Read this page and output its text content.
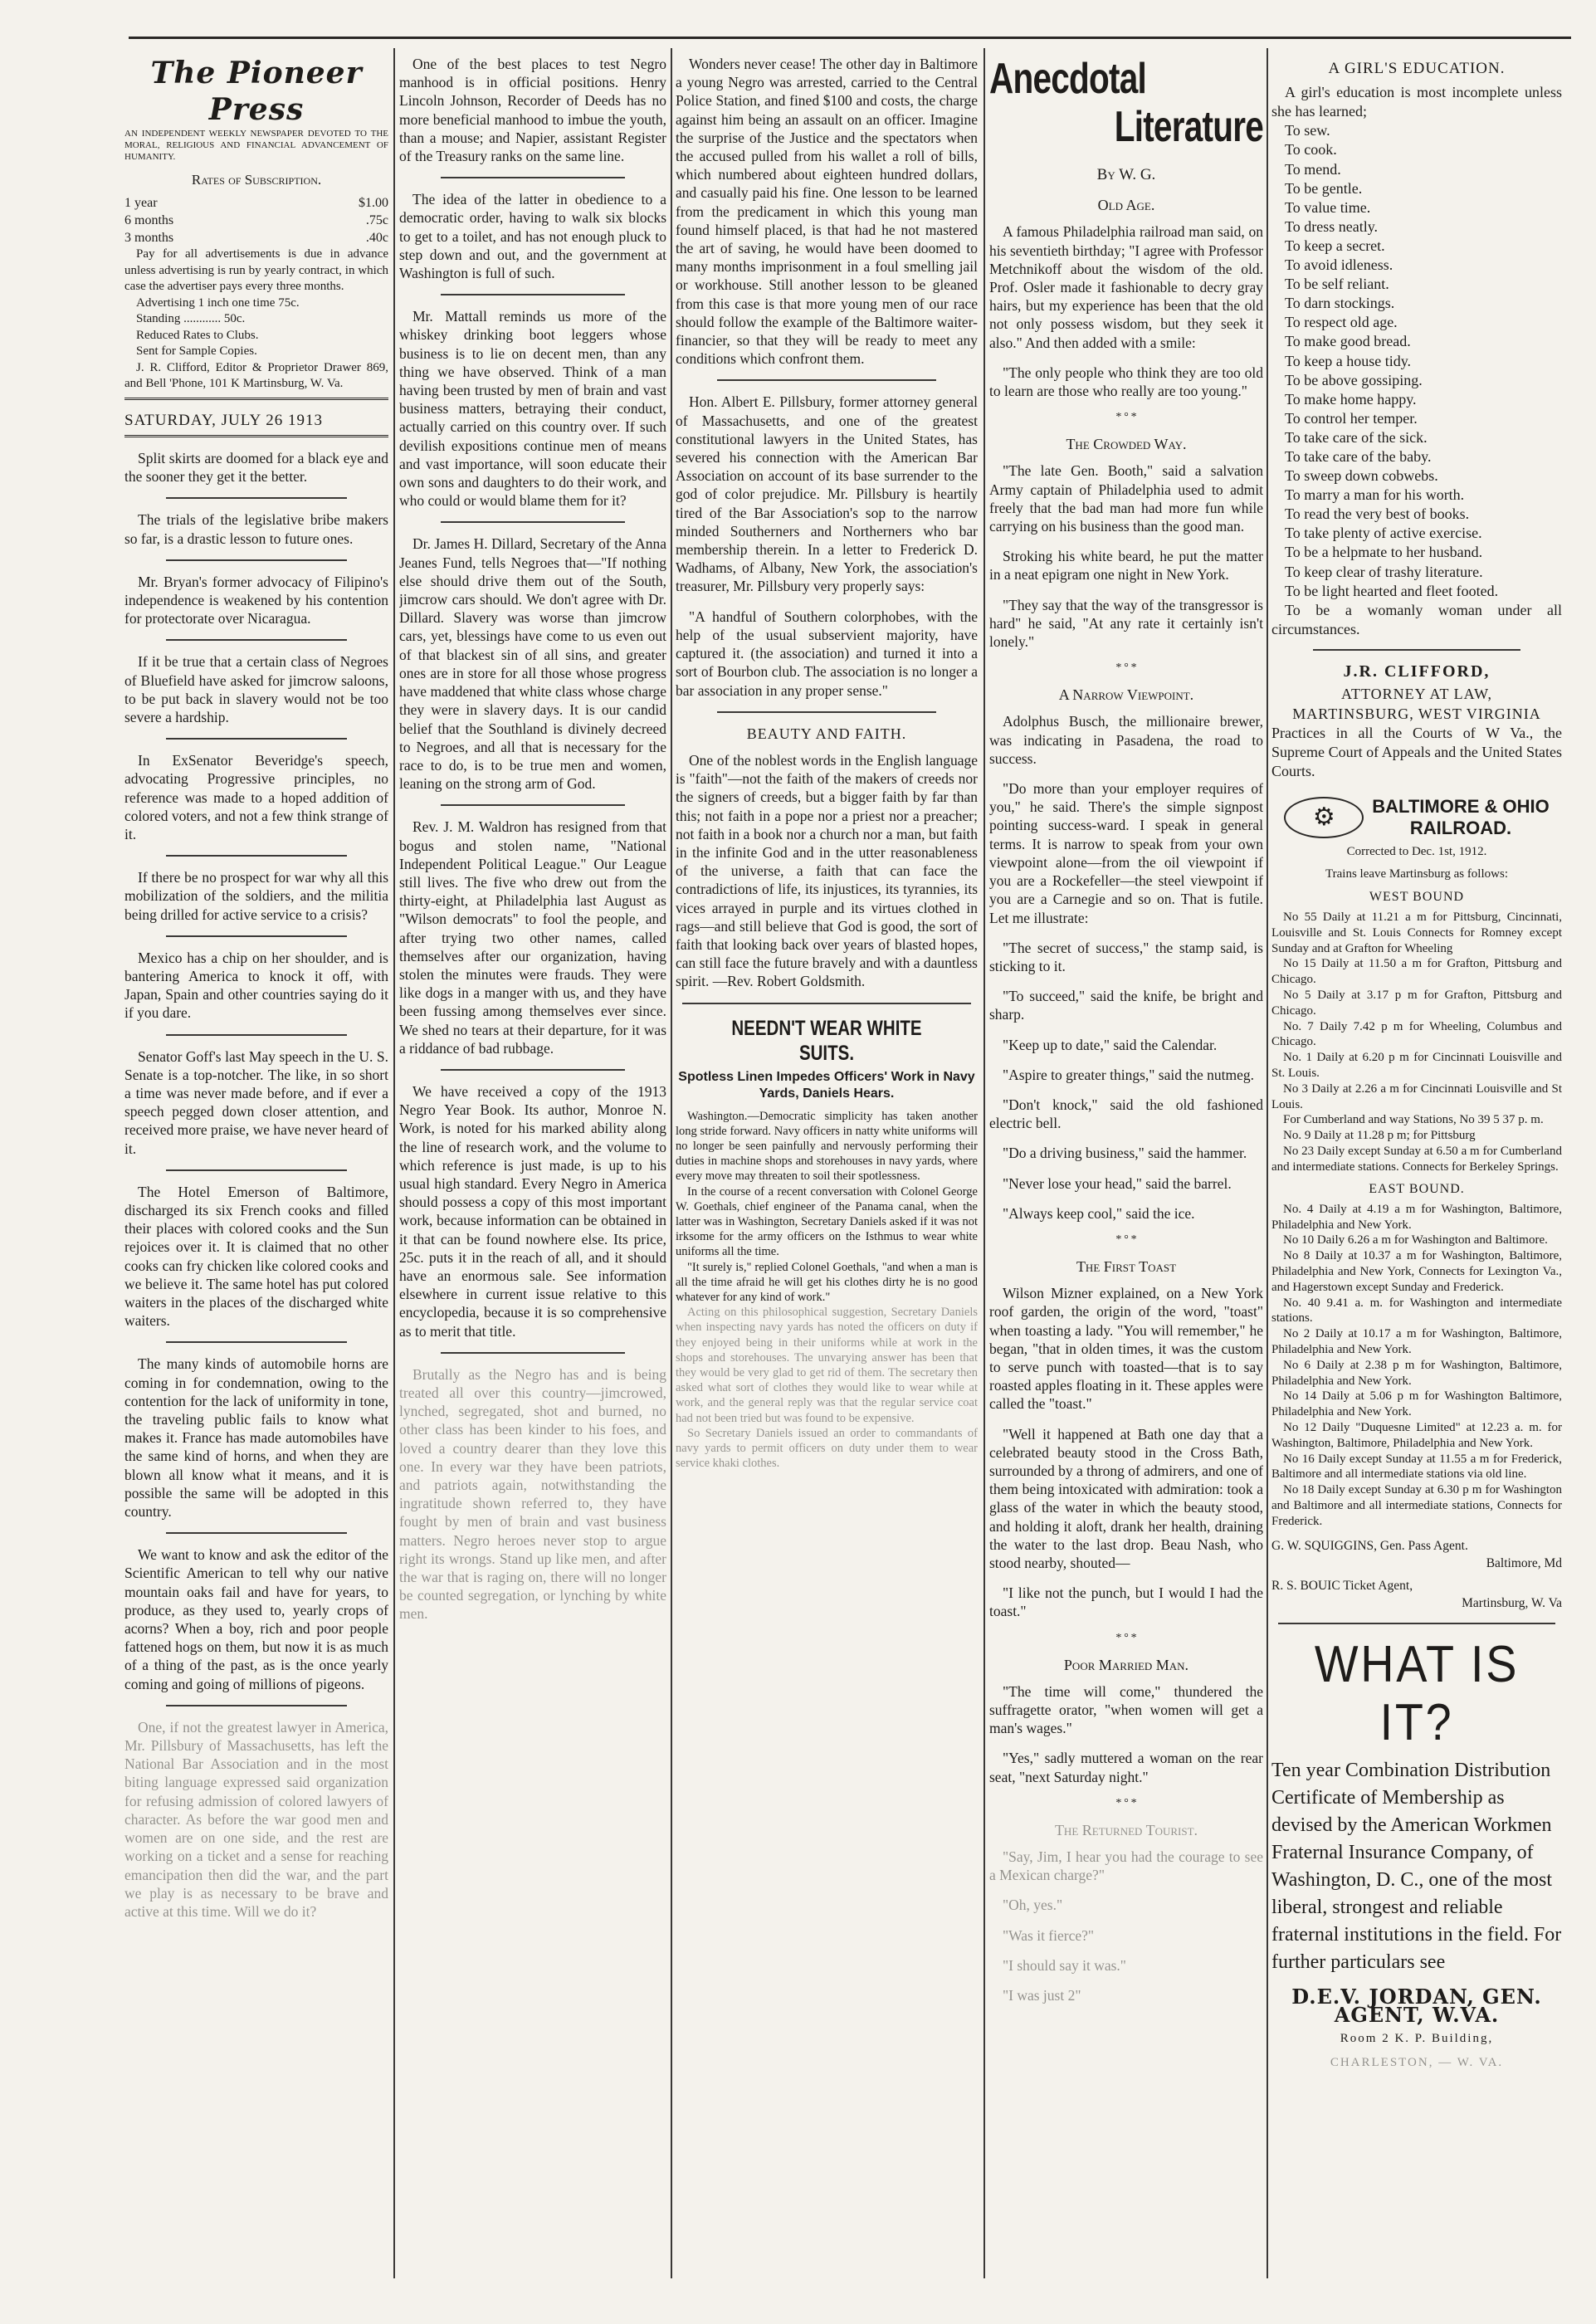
The Pioneer Press
AN INDEPENDENT WEEKLY NEWSPAPER DEVOTED TO THE MORAL, RELIGIOUS AND FINANCIAL ADVANCEMENT OF HUMANITY.
Rates of Subscription.
1 year	$1.00
6 months	.75c
3 months	.40c

Pay for all advertisements is due in advance unless advertising is run by yearly contract, in which case the advertiser pays every three months.

Advertising 1 inch one time 75c.

Standing ............ 50c.

Reduced Rates to Clubs.

Sent for Sample Copies.

J. R. Clifford, Editor & Proprietor Drawer 869, and Bell 'Phone, 101 K Martinsburg, W. Va.

SATURDAY, JULY 26 1913

Split skirts are doomed for a black eye and the sooner they get it the better.

The trials of the legislative bribe makers so far, is a drastic lesson to future ones.

Mr. Bryan's former advocacy of Filipino's independence is weakened by his contention for protectorate over Nicaragua.

If it be true that a certain class of Negroes of Bluefield have asked for jimcrow saloons, to be put back in slavery would not be too severe a hardship.

In ExSenator Beveridge's speech, advocating Progressive principles, no reference was made to a hoped addition of colored voters, and not a few think strange of it.

If there be no prospect for war why all this mobilization of the soldiers, and the militia being drilled for active service to a crisis?

Mexico has a chip on her shoulder, and is bantering America to knock it off, with Japan, Spain and other countries saying do it if you dare.

Senator Goff's last May speech in the U. S. Senate is a top-notcher. The like, in so short a time was never made before, and if ever a speech pegged down closer attention, and received more praise, we have never heard of it.

The Hotel Emerson of Baltimore, discharged its six French cooks and filled their places with colored cooks and the Sun rejoices over it. It is claimed that no other cooks can fry chicken like colored cooks and we believe it. The same hotel has put colored waiters in the places of the discharged white waiters.

The many kinds of automobile horns are coming in for condemnation, owing to the contention for the lack of uniformity in tone, the traveling public fails to know what makes it. France has made automobiles have the same kind of horns, and when they are blown all know what it means, and it is possible the same will be adopted in this country.

We want to know and ask the editor of the Scientific American to tell why our native mountain oaks fail and have for years, to produce, as they used to, yearly crops of acorns? When a boy, rich and poor people fattened hogs on them, but now it is as much of a thing of the past, as is the once yearly coming and going of millions of pigeons.

One, if not the greatest lawyer in America, Mr. Pillsbury of Massachusetts, has left the National Bar Association and in the most biting language expressed said organization for refusing admission of colored lawyers of character. As before the war good men and women are on one side, and the rest are working on a ticket and a sense for reaching emancipation then did the war, and the part we play is as necessary to be brave and active at this time. Will we do it?

One of the best places to test Negro manhood is in official positions. Henry Lincoln Johnson, Recorder of Deeds has no more beneficial manhood to imbue the youth, than a mouse; and Napier, assistant Register of the Treasury ranks on the same line.

The idea of the latter in obedience to a democratic order, having to walk six blocks to get to a toilet, and has not enough pluck to step down and out, and the government at Washington is full of such.

Mr. Mattall reminds us more of the whiskey drinking boot leggers whose business is to lie on decent men, than any thing we have observed. Think of a man having been trusted by men of brain and vast business matters, betraying their conduct, actually carried on this country over. If such devilish expositions continue men of means and vast importance, will soon educate their own sons and daughters to do their work, and who could or would blame them for it?

Dr. James H. Dillard, Secretary of the Anna Jeanes Fund, tells Negroes that—"If nothing else should drive them out of the South, jimcrow cars should. We don't agree with Dr. Dillard. Slavery was worse than jimcrow cars, yet, blessings have come to us even out of that blackest sin of all sins, and greater ones are in store for all those whose progress have maddened that white class whose charge they were in slavery days. It is our candid belief that the Southland is divinely decreed to Negroes, and all that is necessary for the race to do, is to be true men and women, leaning on the strong arm of God.

Rev. J. M. Waldron has resigned from that bogus and stolen name, "National Independent Political League." Our League still lives. The five who drew out from the thirty-eight, at Philadelphia last August as "Wilson democrats" to fool the people, and after trying two other names, called themselves after our organization, having stolen the minutes were frauds. They were like dogs in a manger with us, and they have been fussing among themselves ever since. We shed no tears at their departure, for it was a riddance of bad rubbage.

We have received a copy of the 1913 Negro Year Book. Its author, Monroe N. Work, is noted for his marked ability along the line of research work, and the volume to which reference is just made, is up to his usual high standard. Every Negro in America should possess a copy of this most important work, because information can be obtained in it that can be found nowhere else. Its price, 25c. puts it in the reach of all, and it should have an enormous sale. See information elsewhere in current issue relative to this encyclopedia, because it is so comprehensive as to merit that title.

Brutally as the Negro has and is being treated all over this country—jimcrowed, lynched, segregated, shot and burned, no other class has been kinder to his foes, and loved a country dearer than they love this one. In every war they have been patriots, and patriots again, notwithstanding the ingratitude shown referred to, they have fought by men of brain and vast business matters. Negro heroes never stop to argue right its wrongs. Stand up like men, and after the war that is raging on, there will no longer be counted segregation, or lynching by white men.

Wonders never cease! The other day in Baltimore a young Negro was arrested, carried to the Central Police Station, and fined $100 and costs, the charge against him being an assault on an officer. Imagine the surprise of the Justice and the spectators when the accused pulled from his wallet a roll of bills, which numbered about eighteen hundred dollars, and casually paid his fine. One lesson to be learned from the predicament in which this young man found himself placed, is that had he not mastered the art of saving, he would have been doomed to many months imprisonment in a foul smelling jail or workhouse. Still another lesson to be gleaned from this case is that more young men of our race should follow the example of the Baltimore waiter-financier, so that they will be ready to meet any conditions which confront them.

Hon. Albert E. Pillsbury, former attorney general of Massachusetts, and one of the greatest constitutional lawyers in the United States, has severed his connection with the American Bar Association on account of its base surrender to the god of color prejudice. Mr. Pillsbury is heartily tired of the Bar Association's sop to the narrow minded Southerners and Northerners who bar membership therein. In a letter to Frederick D. Wadhams, of Albany, New York, the association's treasurer, Mr. Pillsbury very properly says:

"A handful of Southern colorphobes, with the help of the usual subservient majority, have captured it. (the association) and turned it into a sort of Bourbon club. The association is no longer a bar association in any proper sense."

BEAUTY AND FAITH.

One of the noblest words in the English language is "faith"—not the faith of the makers of creeds nor the signers of creeds, but a bigger faith by far than this; not faith in a pope nor a priest nor a preacher; not faith in a book nor a church nor a man, but faith in the infinite God and in the utter reasonableness of the universe, a faith that can face the contradictions of life, its injustices, its tyrannies, its vices arrayed in purple and its virtues clothed in rags—and still believe that God is good, the sort of faith that looking back over years of blasted hopes, can still face the future bravely and with a dauntless spirit. —Rev. Robert Goldsmith.

NEEDN'T WEAR WHITE SUITS.
Spotless Linen Impedes Officers' Work in Navy Yards, Daniels Hears.

Washington.—Democratic simplicity has taken another long stride forward. Navy officers in natty white uniforms will no longer be seen painfully and nervously performing their duties in machine shops and storehouses in navy yards, where every move may threaten to soil their spotlessness.

In the course of a recent conversation with Colonel George W. Goethals, chief engineer of the Panama canal, when the latter was in Washington, Secretary Daniels asked if it was not irksome for the army officers on the Isthmus to wear white uniforms all the time.

"It surely is," replied Colonel Goethals, "and when a man is all the time afraid he will get his clothes dirty he is no good whatever for any kind of work."

Acting on this philosophical suggestion, Secretary Daniels when inspecting navy yards has noted the officers on duty if they enjoyed being in their uniforms while at work in the shops and storehouses. The unvarying answer has been that they would be very glad to get rid of them. The secretary then asked what sort of clothes they would like to wear while at work, and the general reply was that the regular service coat had not been tried but was found to be expensive.

So Secretary Daniels issued an order to commandants of navy yards to permit officers on duty under them to wear service khaki clothes.

Anecdotal
Literature
By W. G.
Old Age.

A famous Philadelphia railroad man said, on his seventieth birthday; "I agree with Professor Metchnikoff about the wisdom of the old. Prof. Osler made it fashionable to decry gray hairs, but my experience has been that the old not only possess wisdom, but they seek it also." And then added with a smile:

"The only people who think they are too old to learn are those who really are too young."

* ° *
The Crowded Way.

"The late Gen. Booth," said a salvation Army captain of Philadelphia used to admit freely that the bad man had more fun while carrying on his business than the good man.

Stroking his white beard, he put the matter in a neat epigram one night in New York.

"They say that the way of the transgressor is hard" he said, "At any rate it certainly isn't lonely."

* ° *
A Narrow Viewpoint.

Adolphus Busch, the millionaire brewer, was indicating in Pasadena, the road to success.

"Do more than your employer requires of you," he said. There's the simple signpost pointing success-ward. I speak in general terms. It is narrow to speak from your own viewpoint alone—from the oil viewpoint if you are a Rockefeller—the steel viewpoint if you are a Carnegie and so on. That is futile. Let me illustrate:

"The secret of success," the stamp said, is sticking to it.

"To succeed," said the knife, be bright and sharp.

"Keep up to date," said the Calendar.

"Aspire to greater things," said the nutmeg.

"Don't knock," said the old fashioned electric bell.

"Do a driving business," said the hammer.

"Never lose your head," said the barrel.

"Always keep cool," said the ice.

* ° *
The First Toast

Wilson Mizner explained, on a New York roof garden, the origin of the word, "toast" when toasting a lady. "You will remember," he began, "that in olden times, it was the custom to serve punch with toasted—that is to say roasted apples floating in it. These apples were called the "toast."

"Well it happened at Bath one day that a celebrated beauty stood in the Cross Bath, surrounded by a throng of admirers, and one of them being intoxicated with admiration: took a glass of the water in which the beauty stood, and holding it aloft, drank her health, draining the water to the last drop. Beau Nash, who stood nearby, shouted—

"I like not the punch, but I would I had the toast."

* ° *
Poor Married Man.

"The time will come," thundered the suffragette orator, "when women will get a man's wages."

"Yes," sadly muttered a woman on the rear seat, "next Saturday night."

* ° *
The Returned Tourist.

"Say, Jim, I hear you had the courage to see a Mexican charge?"

"Oh, yes."

"Was it fierce?"

"I should say it was."

"I was just 2"

A GIRL'S EDUCATION.

A girl's education is most incomplete unless she has learned;

To sew.

To cook.

To mend.

To be gentle.

To value time.

To dress neatly.

To keep a secret.

To avoid idleness.

To be self reliant.

To darn stockings.

To respect old age.

To make good bread.

To keep a house tidy.

To be above gossiping.

To make home happy.

To control her temper.

To take care of the sick.

To take care of the baby.

To sweep down cobwebs.

To marry a man for his worth.

To read the very best of books.

To take plenty of active exercise.

To be a helpmate to her husband.

To keep clear of trashy literature.

To be light hearted and fleet footed.

To be a womanly woman under all circumstances.

J.R. CLIFFORD,
ATTORNEY AT LAW,
MARTINSBURG, WEST VIRGINIA

Practices in all the Courts of W Va., the Supreme Court of Appeals and the United States Courts.

⚙	BALTIMORE & OHIO
RAILROAD.
Corrected to Dec. 1st, 1912.
Trains leave Martinsburg as follows:
WEST BOUND

No 55 Daily at 11.21 a m for Pittsburg, Cincinnati, Louisville and St. Louis Connects for Romney except Sunday and at Grafton for Wheeling

No 15 Daily at 11.50 a m for Grafton, Pittsburg and Chicago.

No 5 Daily at 3.17 p m for Grafton, Pittsburg and Chicago.

No. 7 Daily 7.42 p m for Wheeling, Columbus and Chicago.

No. 1 Daily at 6.20 p m for Cincinnati Louisville and St. Louis.

No 3 Daily at 2.26 a m for Cincinnati Louisville and St Louis.

For Cumberland and way Stations, No 39 5 37 p. m.

No. 9 Daily at 11.28 p m; for Pittsburg

No 23 Daily except Sunday at 6.50 a m for Cumberland and intermediate stations. Connects for Berkeley Springs.

EAST BOUND.

No. 4 Daily at 4.19 a m for Washington, Baltimore, Philadelphia and New York.

No 10 Daily 6.26 a m for Washington and Baltimore.

No 8 Daily at 10.37 a m for Washington, Baltimore, Philadelphia and New York, Connects for Lexington Va., and Hagerstown except Sunday and Frederick.

No. 40 9.41 a. m. for Washington and intermediate stations.

No 2 Daily at 10.17 a m for Washington, Baltimore, Philadelphia and New York.

No 6 Daily at 2.38 p m for Washington, Baltimore, Philadelphia and New York.

No 14 Daily at 5.06 p m for Washington Baltimore, Philadelphia and New York.

No 12 Daily "Duquesne Limited" at 12.23 a. m. for Washington, Baltimore, Philadelphia and New York.

No 16 Daily except Sunday at 11.55 a m for Frederick, Baltimore and all intermediate stations via old line.

No 18 Daily except Sunday at 6.30 p m for Washington and Baltimore and all intermediate stations, Connects for Frederick.

G. W. SQUIGGINS, Gen. Pass Agent.

Baltimore, Md

R. S. BOUIC Ticket Agent,

Martinsburg, W. Va

WHAT IS IT?

Ten year Combination Distribution Certificate of Membership as devised by the American Workmen Fraternal Insurance Company, of Washington, D. C., one of the most liberal, strongest and reliable fraternal institutions in the field. For further particulars see

D.E.V. JORDAN, GEN. AGENT, W.VA.
Room 2 K. P. Building,
CHARLESTON, — W. VA.
